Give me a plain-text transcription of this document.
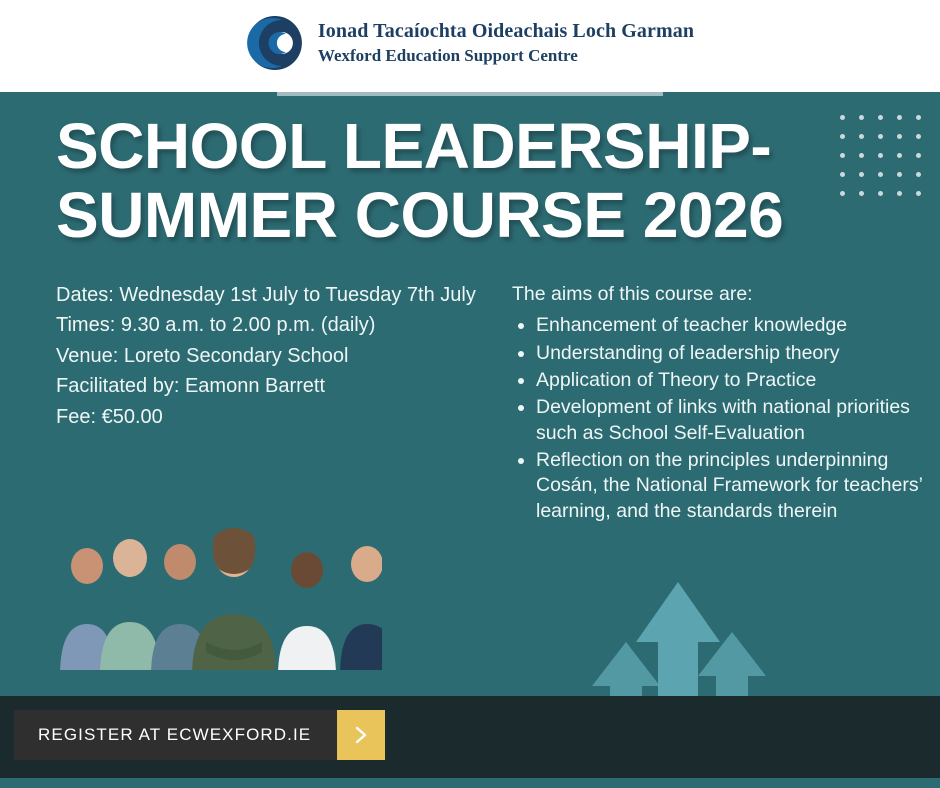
Ionad Tacaíochta Oideachais Loch Garman
Wexford Education Support Centre
SCHOOL LEADERSHIP-SUMMER COURSE 2026
Dates: Wednesday 1st July to Tuesday 7th July
Times: 9.30 a.m. to 2.00 p.m. (daily)
Venue: Loreto Secondary School
Facilitated by: Eamonn Barrett
Fee: €50.00
The aims of this course are:
• Enhancement of teacher knowledge
• Understanding of leadership theory
• Application of Theory to Practice
• Development of links with national priorities such as School Self-Evaluation
• Reflection on the principles underpinning Cosán, the National Framework for teachers’ learning, and the standards therein
REGISTER AT ECWEXFORD.IE
